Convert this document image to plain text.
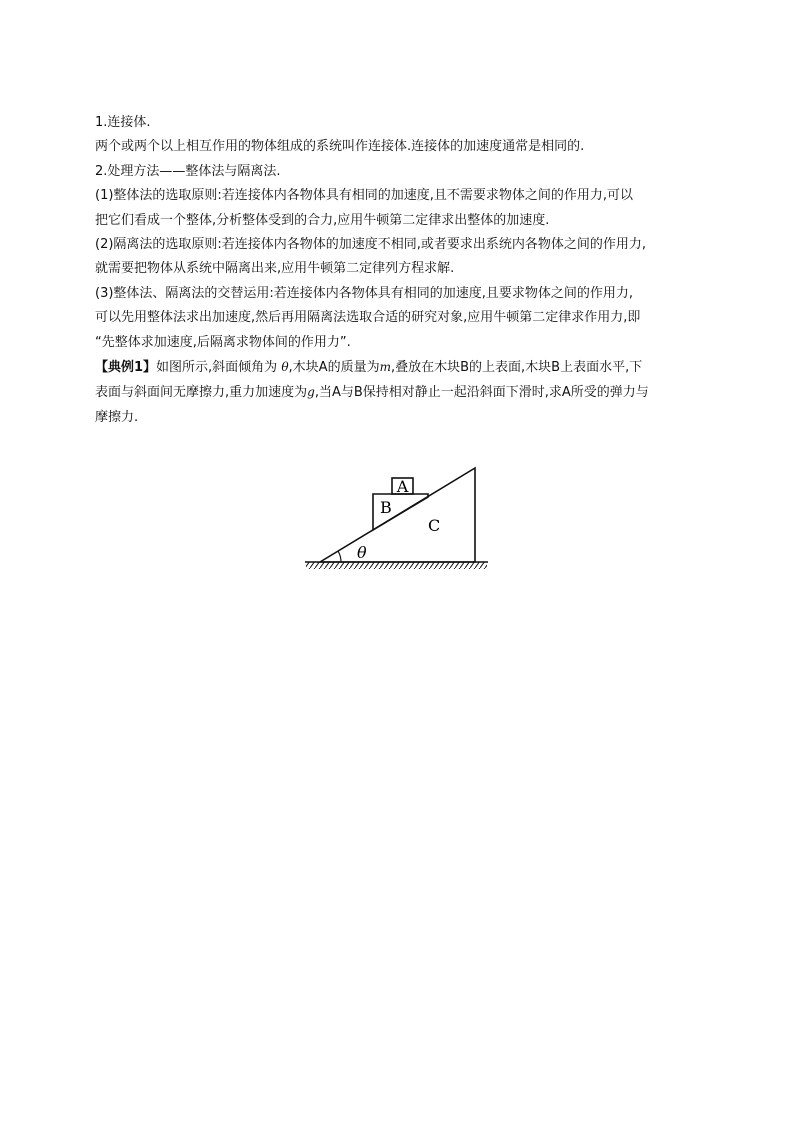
1.连接体.
两个或两个以上相互作用的物体组成的系统叫作连接体.连接体的加速度通常是相同的.
2.处理方法——整体法与隔离法.
(1)整体法的选取原则:若连接体内各物体具有相同的加速度,且不需要求物体之间的作用力,可以
把它们看成一个整体,分析整体受到的合力,应用牛顿第二定律求出整体的加速度.
(2)隔离法的选取原则:若连接体内各物体的加速度不相同,或者要求出系统内各物体之间的作用力,
就需要把物体从系统中隔离出来,应用牛顿第二定律列方程求解.
(3)整体法、隔离法的交替运用:若连接体内各物体具有相同的加速度,且要求物体之间的作用力,
可以先用整体法求出加速度,然后再用隔离法选取合适的研究对象,应用牛顿第二定律求作用力,即
“先整体求加速度,后隔离求物体间的作用力”.
【典例1】如图所示,斜面倾角为 θ,木块A的质量为m,叠放在木块B的上表面,木块B上表面水平,下
表面与斜面间无摩擦力,重力加速度为g,当A与B保持相对静止一起沿斜面下滑时,求A所受的弹力与
摩擦力.
A
B
C
θ
